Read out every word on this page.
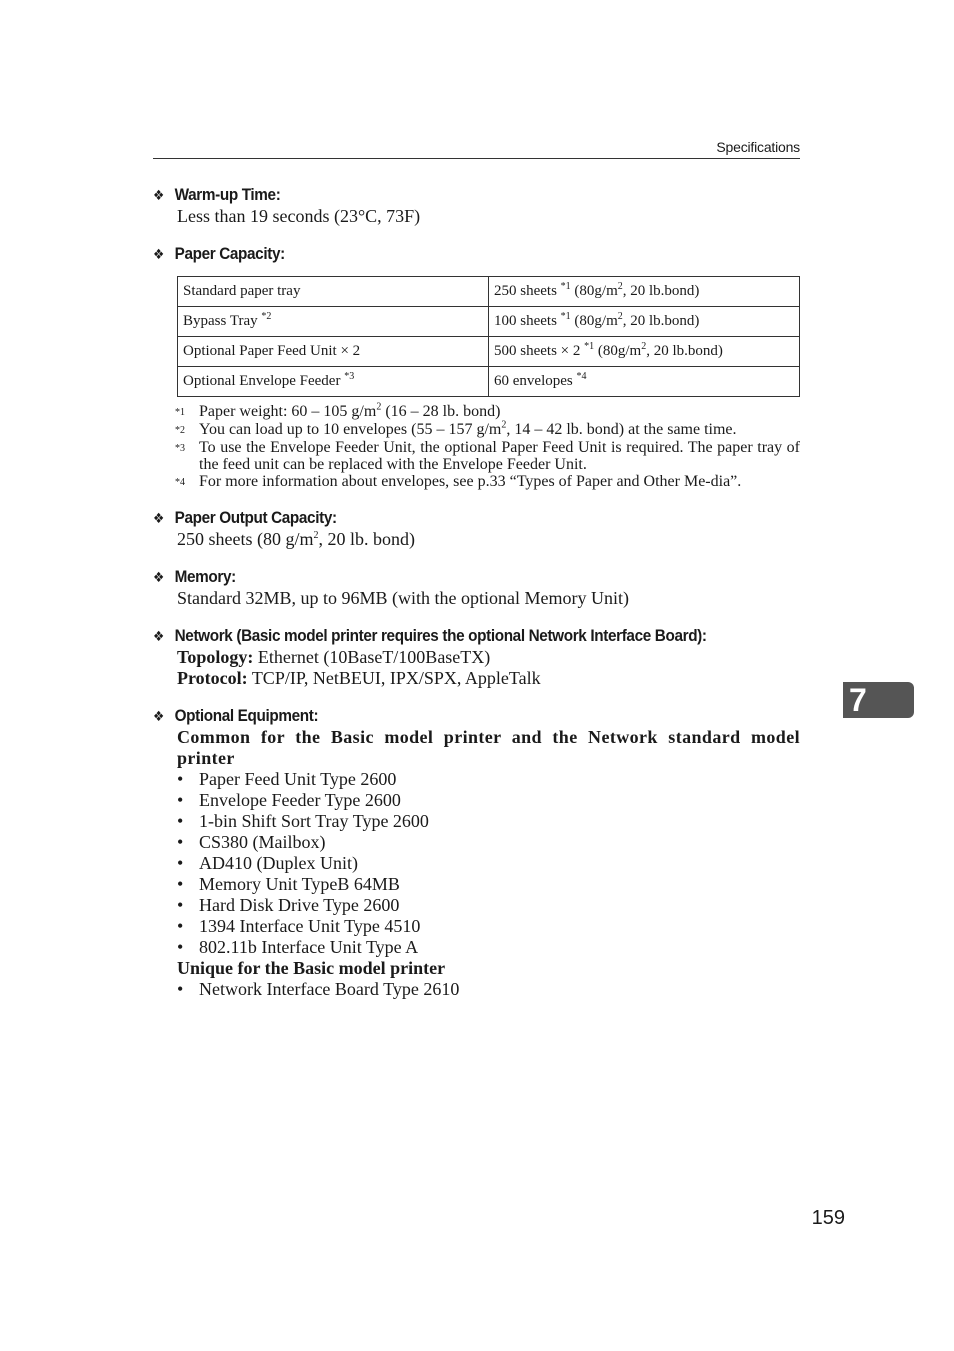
Specifications
❖ Warm-up Time:
Less than 19 seconds (23°C, 73F)
❖ Paper Capacity:
Standard paper tray	250 sheets $^{*1}$ ($80g/m^2$, 20 lb.bond)
Bypass Tray $^{*2}$	100 sheets $^{*1}$ ($80g/m^2$, 20 lb.bond)
Optional Paper Feed Unit × 2	500 sheets × 2 $^{*1}$ ($80g/m^2$, 20 lb.bond)
Optional Envelope Feeder $^{*3}$	60 envelopes $^{*4}$
*1 Paper weight: 60 – 105 $g/m^2$ (16 – 28 lb. bond)
*2 You can load up to 10 envelopes (55 – 157 $g/m^2$, 14 – 42 lb. bond) at the same time.
*3 To use the Envelope Feeder Unit, the optional Paper Feed Unit is required. The paper tray of the feed unit can be replaced with the Envelope Feeder Unit.
*4 For more information about envelopes, see p.33 “Types of Paper and Other Me-dia”.
❖ Paper Output Capacity:
250 sheets (80 $g/m^2$, 20 lb. bond)
❖ Memory:
Standard 32MB, up to 96MB (with the optional Memory Unit)
❖ Network (Basic model printer requires the optional Network Interface Board):
Topology: Ethernet (10BaseT/100BaseTX)
Protocol: TCP/IP, NetBEUI, IPX/SPX, AppleTalk
❖ Optional Equipment:
Common for the Basic model printer and the Network standard model printer
• Paper Feed Unit Type 2600
• Envelope Feeder Type 2600
• 1-bin Shift Sort Tray Type 2600
• CS380 (Mailbox)
• AD410 (Duplex Unit)
• Memory Unit TypeB 64MB
• Hard Disk Drive Type 2600
• 1394 Interface Unit Type 4510
• 802.11b Interface Unit Type A
Unique for the Basic model printer
• Network Interface Board Type 2610
7
159
